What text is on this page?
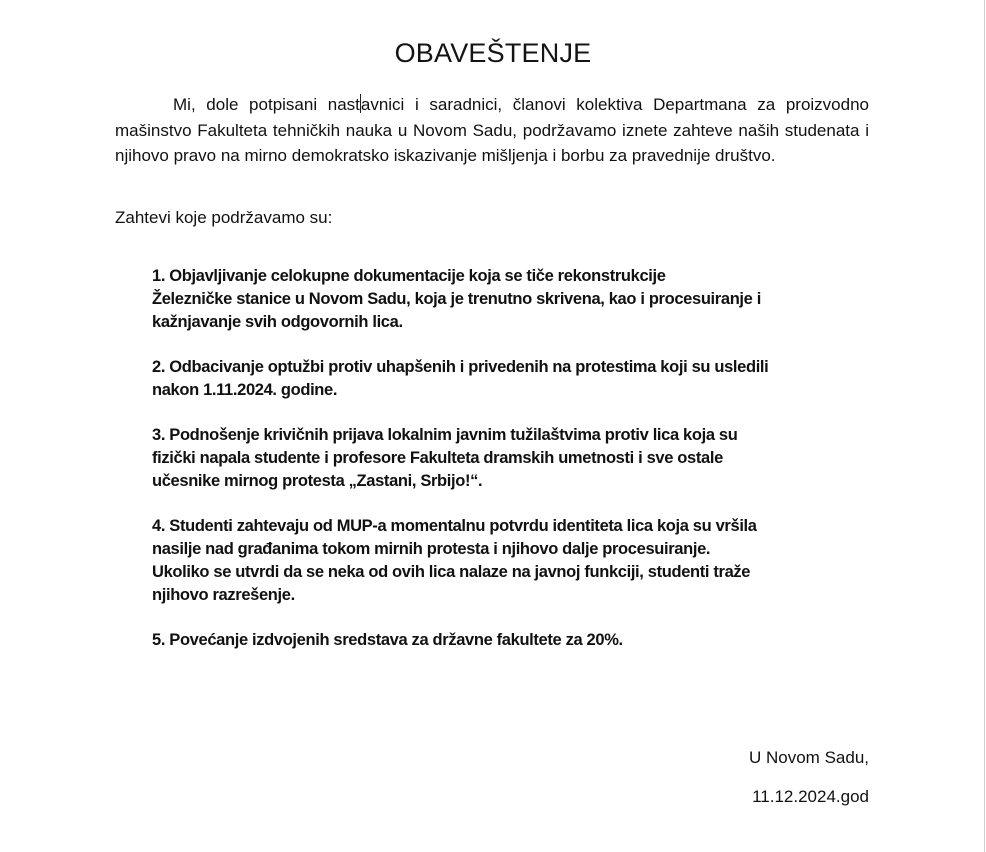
OBAVEŠTENJE

Mi, dole potpisani nastavnici i saradnici, članovi kolektiva Departmana za proizvodno mašinstvo Fakulteta tehničkih nauka u Novom Sadu, podržavamo iznete zahteve naših studenata i njihovo pravo na mirno demokratsko iskazivanje mišljenja i borbu za pravednije društvo.

Zahtevi koje podržavamo su:

1. Objavljivanje celokupne dokumentacije koja se tiče rekonstrukcije
Železničke stanice u Novom Sadu, koja je trenutno skrivena, kao i procesuiranje i
kažnjavanje svih odgovornih lica.
2. Odbacivanje optužbi protiv uhapšenih i privedenih na protestima koji su usledili
nakon 1.11.2024. godine.
3. Podnošenje krivičnih prijava lokalnim javnim tužilaštvima protiv lica koja su
fizički napala studente i profesore Fakulteta dramskih umetnosti i sve ostale
učesnike mirnog protesta „Zastani, Srbijo!“.
4. Studenti zahtevaju od MUP-a momentalnu potvrdu identiteta lica koja su vršila
nasilje nad građanima tokom mirnih protesta i njihovo dalje procesuiranje.
Ukoliko se utvrdi da se neka od ovih lica nalaze na javnoj funkciji, studenti traže
njihovo razrešenje.
5. Povećanje izdvojenih sredstava za državne fakultete za 20%.
U Novom Sadu,
11.12.2024.god
